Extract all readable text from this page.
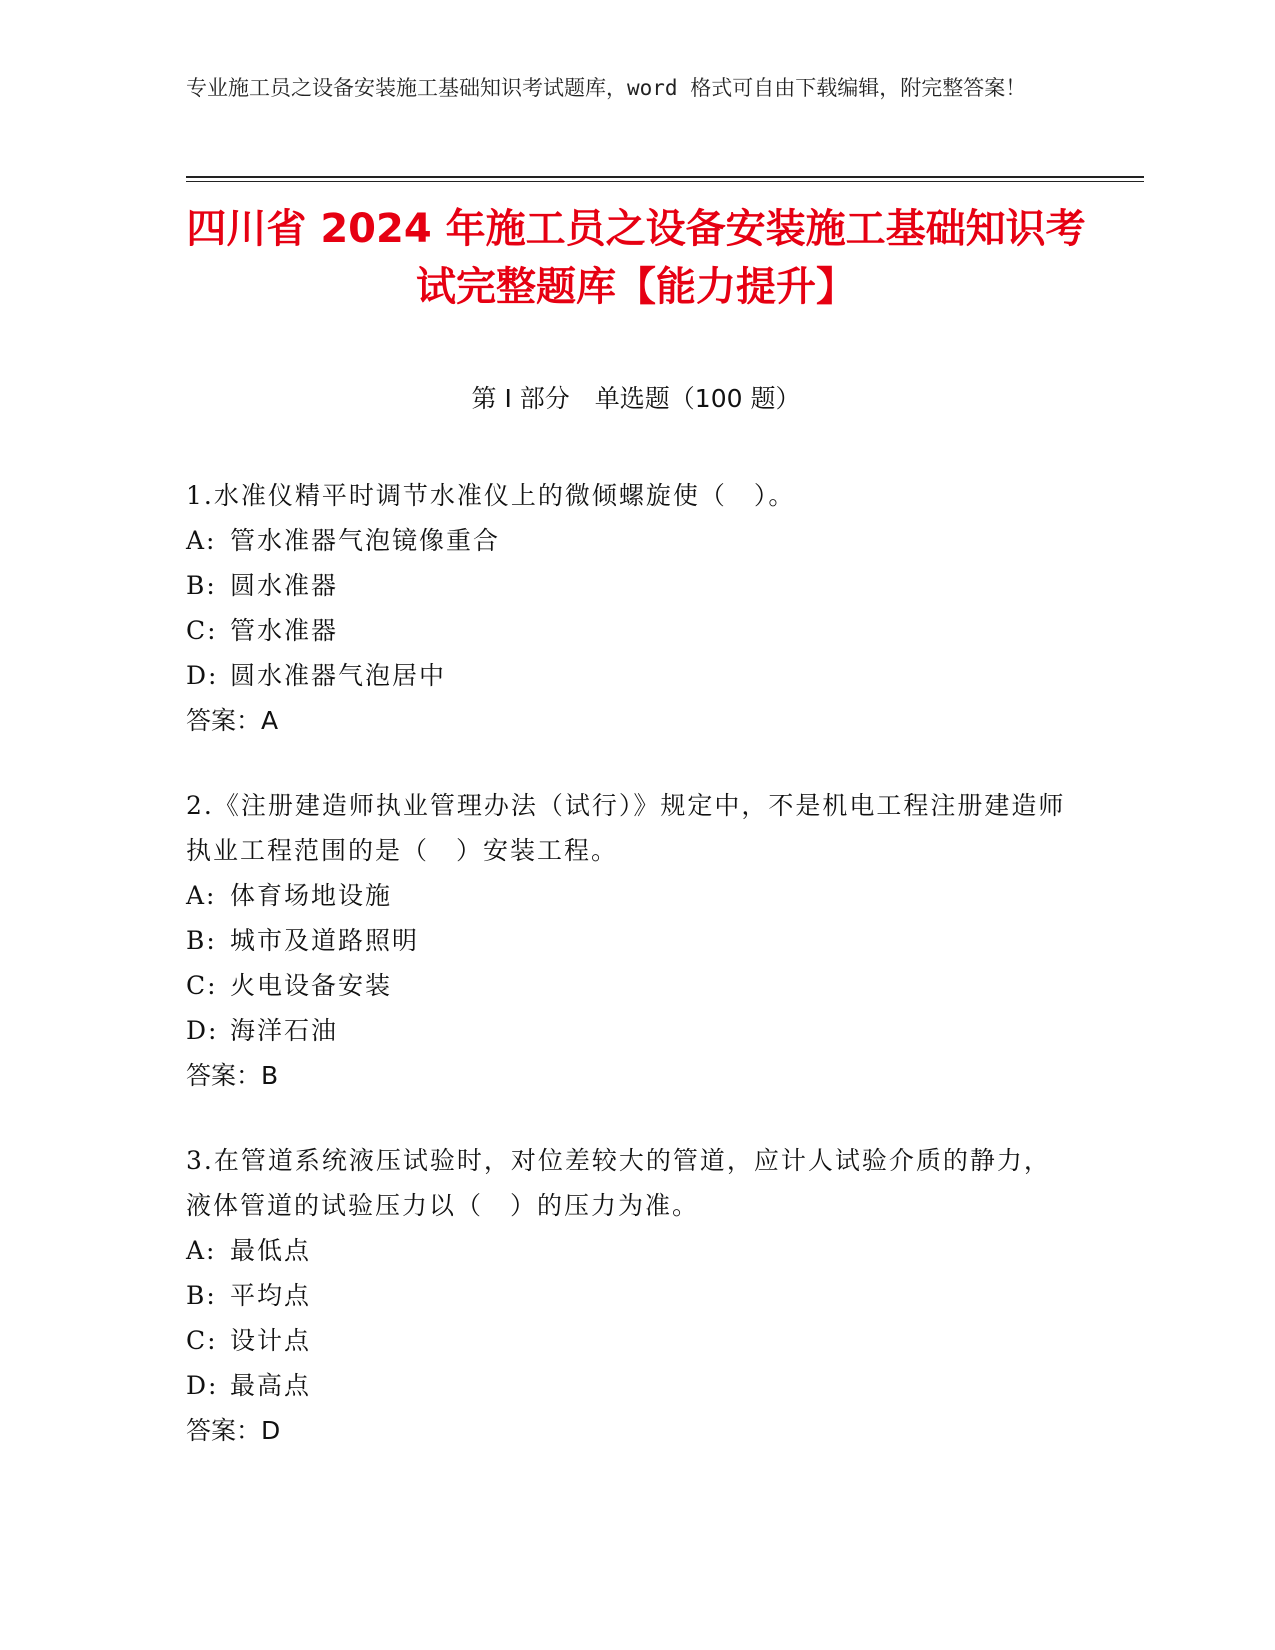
专业施工员之设备安装施工基础知识考试题库，word 格式可自由下载编辑，附完整答案！
四川省 2024 年施工员之设备安装施工基础知识考试完整题库【能力提升】
第 I 部分　单选题（100 题）

1.水准仪精平时调节水准仪上的微倾螺旋使（　）。

A: 管水准器气泡镜像重合
B: 圆水准器
C: 管水准器
D: 圆水准器气泡居中
答案：A

2.《注册建造师执业管理办法（试行）》规定中，不是机电工程注册建造师执业工程范围的是（　）安装工程。

A: 体育场地设施
B: 城市及道路照明
C: 火电设备安装
D: 海洋石油
答案：B

3.在管道系统液压试验时，对位差较大的管道，应计人试验介质的静力，液体管道的试验压力以（　）的压力为准。

A: 最低点
B: 平均点
C: 设计点
D: 最高点
答案：D
